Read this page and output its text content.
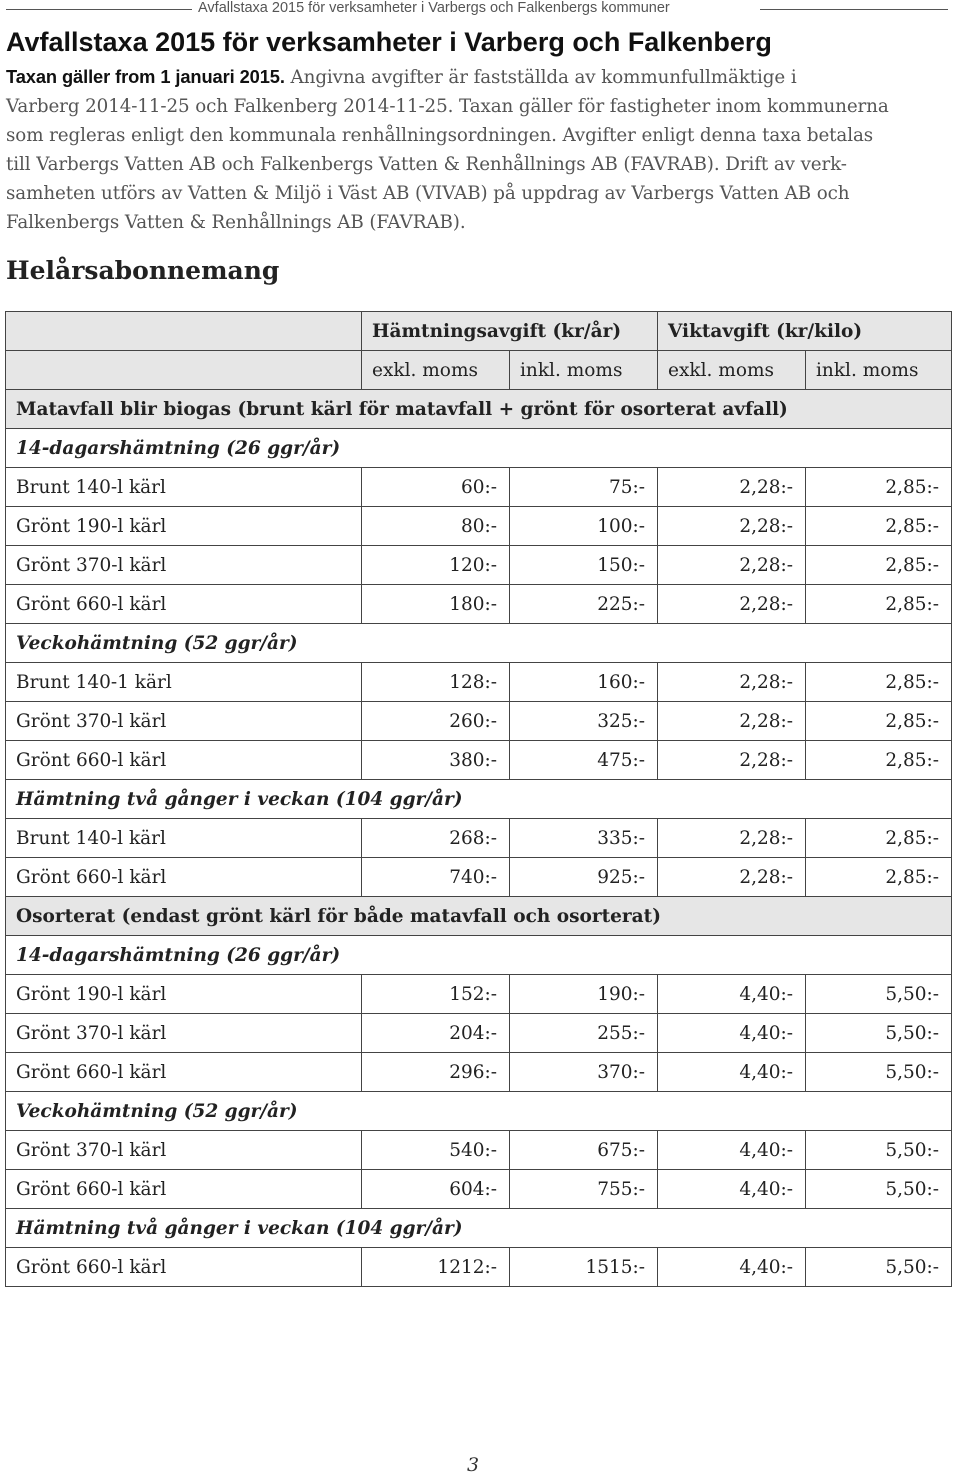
Avfallstaxa 2015 för verksamheter i Varbergs och Falkenbergs kommuner
Avfallstaxa 2015 för verksamheter i Varberg och Falkenberg
Taxan gäller from 1 januari 2015. Angivna avgifter är fastställda av kommunfullmäktige i
Varberg 2014-11-25 och Falkenberg 2014-11-25. Taxan gäller för fastigheter inom kommunerna
som regleras enligt den kommunala renhållningsordningen. Avgifter enligt denna taxa betalas
till Varbergs Vatten AB och Falkenbergs Vatten & Renhållnings AB (FAVRAB). Drift av verk-
samheten utförs av Vatten & Miljö i Väst AB (VIVAB) på uppdrag av Varbergs Vatten AB och
Falkenbergs Vatten & Renhållnings AB (FAVRAB).
Helårsabonnemang
	Hämtningsavgift (kr/år)		Viktavgift (kr/kilo)	
	exkl. moms	inkl. moms	exkl. moms	inkl. moms
Matavfall blir biogas (brunt kärl för matavfall + grönt för osorterat avfall)				
14-dagarshämtning (26 ggr/år)				
Brunt 140-l kärl	60:-	75:-	2,28:-	2,85:-
Grönt 190-l kärl	80:-	100:-	2,28:-	2,85:-
Grönt 370-l kärl	120:-	150:-	2,28:-	2,85:-
Grönt 660-l kärl	180:-	225:-	2,28:-	2,85:-
Veckohämtning (52 ggr/år)				
Brunt 140-1 kärl	128:-	160:-	2,28:-	2,85:-
Grönt 370-l kärl	260:-	325:-	2,28:-	2,85:-
Grönt 660-l kärl	380:-	475:-	2,28:-	2,85:-
Hämtning två gånger i veckan (104 ggr/år)				
Brunt 140-l kärl	268:-	335:-	2,28:-	2,85:-
Grönt 660-l kärl	740:-	925:-	2,28:-	2,85:-
Osorterat (endast grönt kärl för både matavfall och osorterat)				
14-dagarshämtning (26 ggr/år)				
Grönt 190-l kärl	152:-	190:-	4,40:-	5,50:-
Grönt 370-l kärl	204:-	255:-	4,40:-	5,50:-
Grönt 660-l kärl	296:-	370:-	4,40:-	5,50:-
Veckohämtning (52 ggr/år)				
Grönt 370-l kärl	540:-	675:-	4,40:-	5,50:-
Grönt 660-l kärl	604:-	755:-	4,40:-	5,50:-
Hämtning två gånger i veckan (104 ggr/år)				
Grönt 660-l kärl	1212:-	1515:-	4,40:-	5,50:-
3
